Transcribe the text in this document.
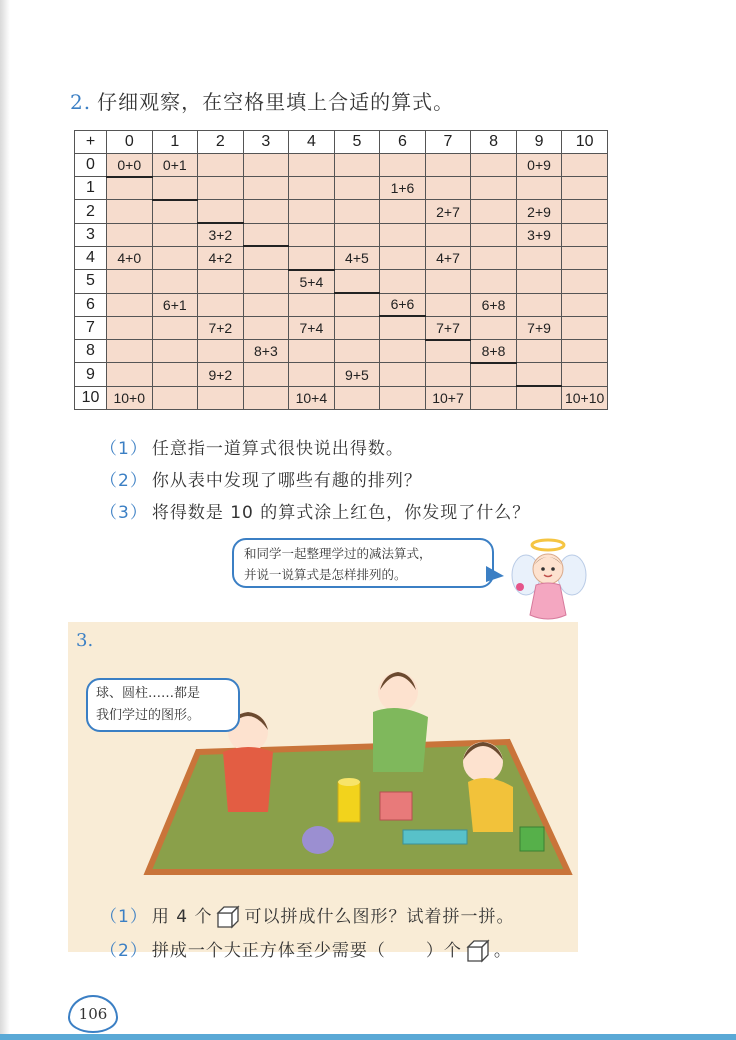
2. 仔细观察，在空格里填上合适的算式。
+	0	1	2	3	4	5	6	7	8	9	10
0	0+0	0+1								0+9	
1							1+6				
2								2+7		2+9	
3			3+2							3+9	
4	4+0		4+2			4+5		4+7			
5					5+4						
6		6+1					6+6		6+8		
7			7+2		7+4			7+7		7+9	
8				8+3					8+8		
9			9+2			9+5					
10	10+0				10+4			10+7			10+10
（1） 任意指一道算式很快说出得数。
（2） 你从表中发现了哪些有趣的排列？
（3） 将得数是 10 的算式涂上红色，你发现了什么？
和同学一起整理学过的减法算式，
并说一说算式是怎样排列的。
3.
球、圆柱……都是
我们学过的图形。
（1） 用 4 个 可以拼成什么图形？试着拼一拼。
（2） 拼成一个大正方体至少需要（ ）个 。
106
